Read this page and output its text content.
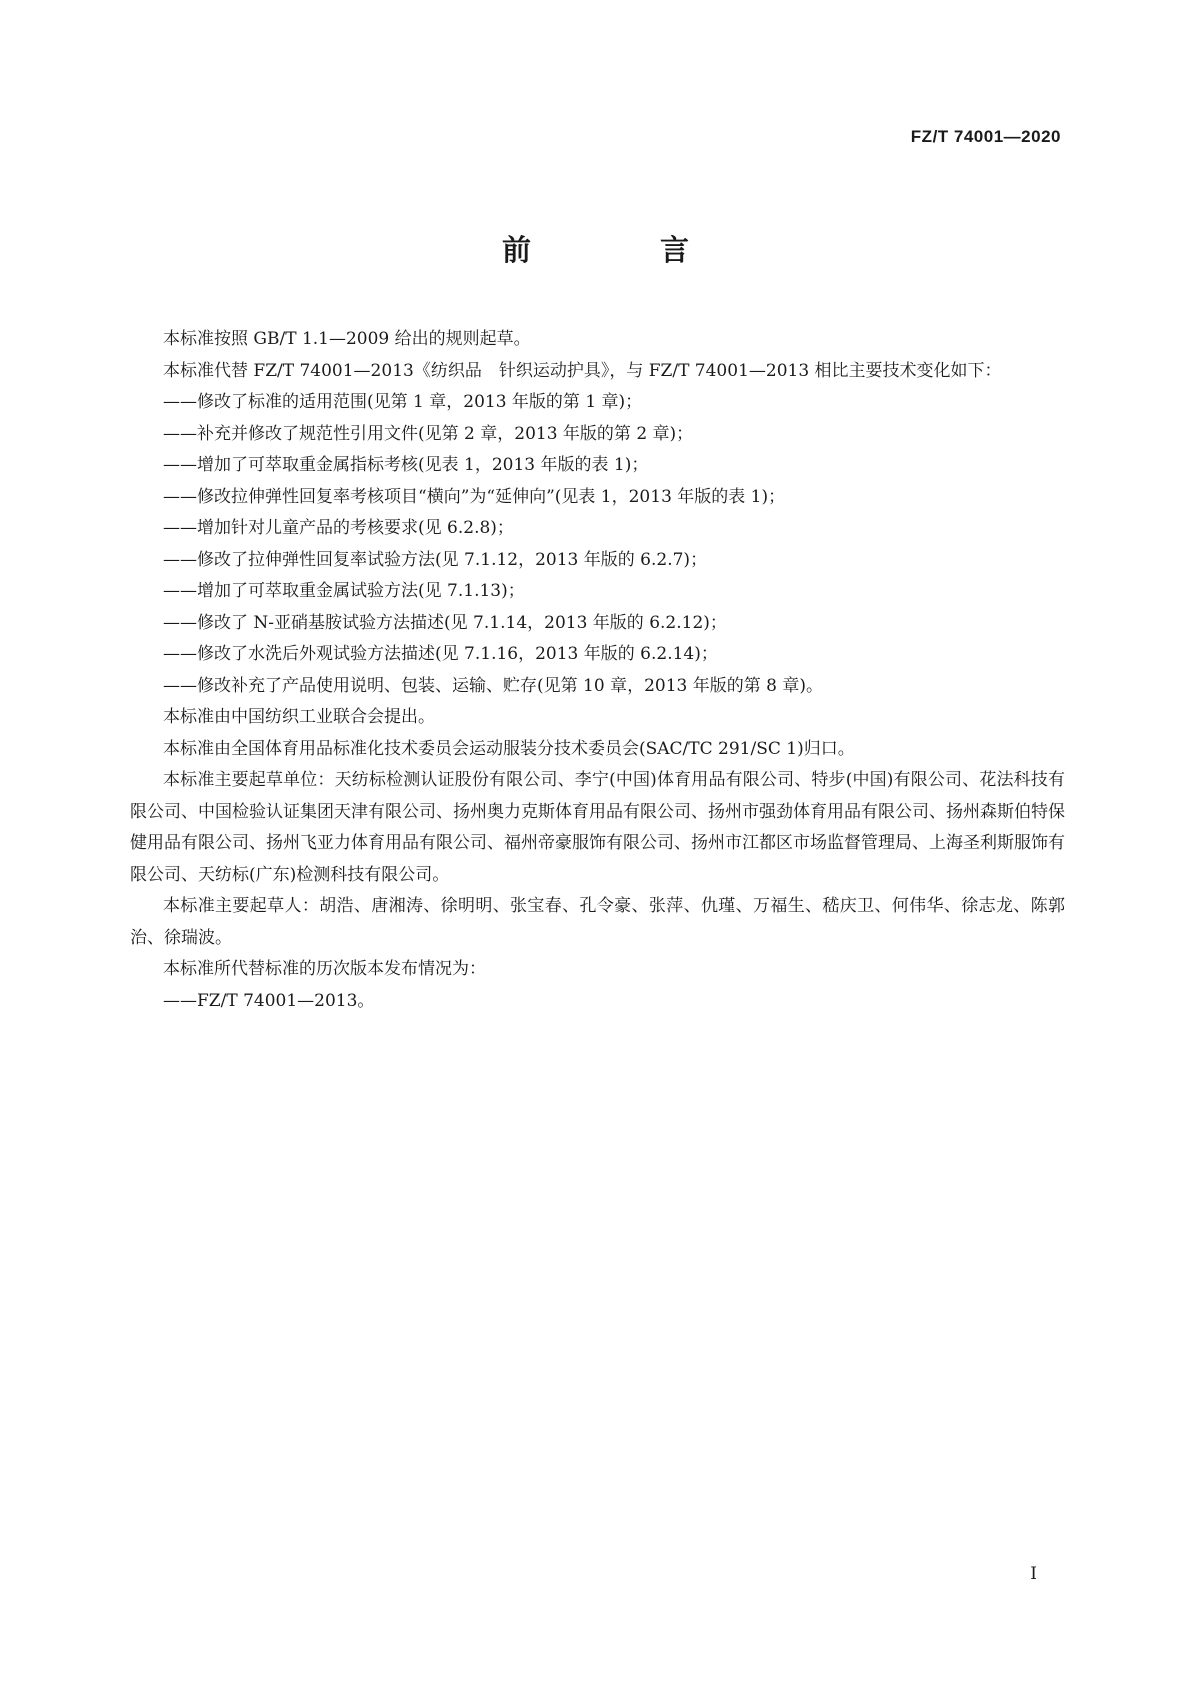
FZ/T 74001—2020
前　言

本标准按照 GB/T 1.1—2009 给出的规则起草。

本标准代替 FZ/T 74001—2013《纺织品　针织运动护具》，与 FZ/T 74001—2013 相比主要技术变化如下：

——修改了标准的适用范围(见第 1 章，2013 年版的第 1 章)；

——补充并修改了规范性引用文件(见第 2 章，2013 年版的第 2 章)；

——增加了可萃取重金属指标考核(见表 1，2013 年版的表 1)；

——修改拉伸弹性回复率考核项目“横向”为“延伸向”(见表 1，2013 年版的表 1)；

——增加针对儿童产品的考核要求(见 6.2.8)；

——修改了拉伸弹性回复率试验方法(见 7.1.12，2013 年版的 6.2.7)；

——增加了可萃取重金属试验方法(见 7.1.13)；

——修改了 N-亚硝基胺试验方法描述(见 7.1.14，2013 年版的 6.2.12)；

——修改了水洗后外观试验方法描述(见 7.1.16，2013 年版的 6.2.14)；

——修改补充了产品使用说明、包装、运输、贮存(见第 10 章，2013 年版的第 8 章)。

本标准由中国纺织工业联合会提出。

本标准由全国体育用品标准化技术委员会运动服装分技术委员会(SAC/TC 291/SC 1)归口。

本标准主要起草单位：天纺标检测认证股份有限公司、李宁(中国)体育用品有限公司、特步(中国)有限公司、花法科技有限公司、中国检验认证集团天津有限公司、扬州奥力克斯体育用品有限公司、扬州市强劲体育用品有限公司、扬州森斯伯特保健用品有限公司、扬州飞亚力体育用品有限公司、福州帝豪服饰有限公司、扬州市江都区市场监督管理局、上海圣利斯服饰有限公司、天纺标(广东)检测科技有限公司。

本标准主要起草人：胡浩、唐湘涛、徐明明、张宝春、孔令豪、张萍、仇瑾、万福生、嵇庆卫、何伟华、徐志龙、陈郭治、徐瑞波。

本标准所代替标准的历次版本发布情况为：

——FZ/T 74001—2013。

I
